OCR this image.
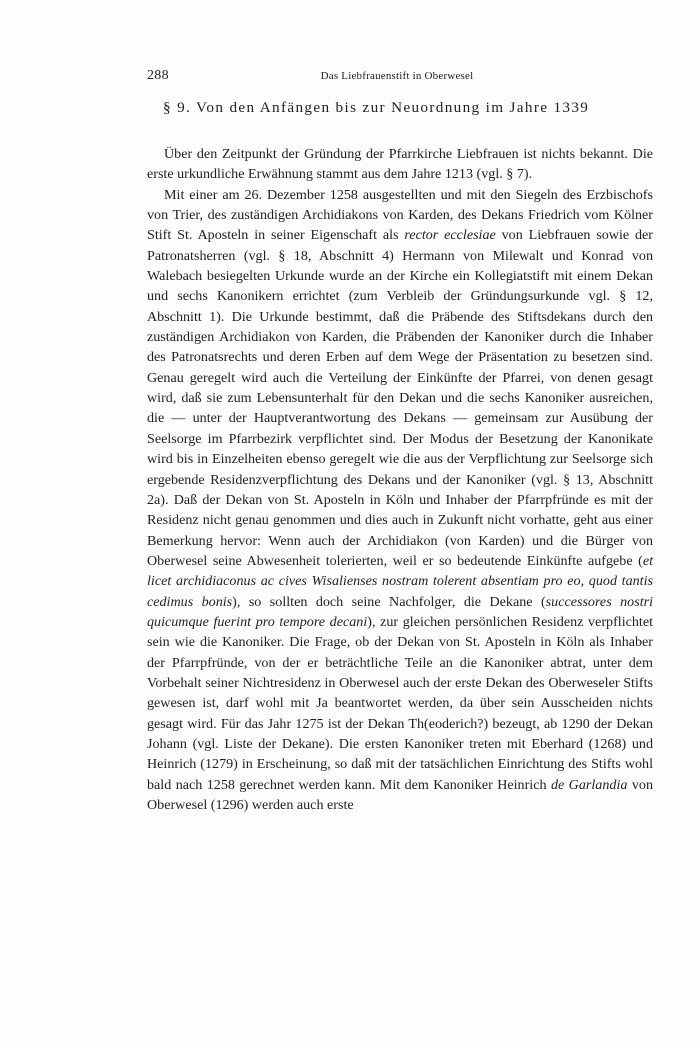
288	Das Liebfrauenstift in Oberwesel
§ 9. Von den Anfängen bis zur Neuordnung im Jahre 1339

Über den Zeitpunkt der Gründung der Pfarrkirche Liebfrauen ist nichts bekannt. Die erste urkundliche Erwähnung stammt aus dem Jahre 1213 (vgl. § 7).

Mit einer am 26. Dezember 1258 ausgestellten und mit den Siegeln des Erzbischofs von Trier, des zuständigen Archidiakons von Karden, des Dekans Friedrich vom Kölner Stift St. Aposteln in seiner Eigenschaft als rector ecclesiae von Liebfrauen sowie der Patronatsherren (vgl. § 18, Abschnitt 4) Hermann von Milewalt und Konrad von Walebach besiegelten Urkunde wurde an der Kirche ein Kollegiatstift mit einem Dekan und sechs Kanonikern errichtet (zum Verbleib der Gründungsurkunde vgl. § 12, Abschnitt 1). Die Urkunde bestimmt, daß die Präbende des Stiftsdekans durch den zuständigen Archidiakon von Karden, die Präbenden der Kanoniker durch die Inhaber des Patronatsrechts und deren Erben auf dem Wege der Präsentation zu besetzen sind. Genau geregelt wird auch die Verteilung der Einkünfte der Pfarrei, von denen gesagt wird, daß sie zum Lebensunterhalt für den Dekan und die sechs Kanoniker ausreichen, die — unter der Hauptverantwortung des Dekans — gemeinsam zur Ausübung der Seelsorge im Pfarrbezirk verpflichtet sind. Der Modus der Besetzung der Kanonikate wird bis in Einzelheiten ebenso geregelt wie die aus der Verpflichtung zur Seelsorge sich ergebende Residenzverpflichtung des Dekans und der Kanoniker (vgl. § 13, Abschnitt 2a). Daß der Dekan von St. Aposteln in Köln und Inhaber der Pfarrpfründe es mit der Residenz nicht genau genommen und dies auch in Zukunft nicht vorhatte, geht aus einer Bemerkung hervor: Wenn auch der Archidiakon (von Karden) und die Bürger von Oberwesel seine Abwesenheit tolerierten, weil er so bedeutende Einkünfte aufgebe (et licet archidiaconus ac cives Wisalienses nostram tolerent absentiam pro eo, quod tantis cedimus bonis), so sollten doch seine Nachfolger, die Dekane (successores nostri quicumque fuerint pro tempore decani), zur gleichen persönlichen Residenz verpflichtet sein wie die Kanoniker. Die Frage, ob der Dekan von St. Aposteln in Köln als Inhaber der Pfarrpfründe, von der er beträchtliche Teile an die Kanoniker abtrat, unter dem Vorbehalt seiner Nichtresidenz in Oberwesel auch der erste Dekan des Oberweseler Stifts gewesen ist, darf wohl mit Ja beantwortet werden, da über sein Ausscheiden nichts gesagt wird. Für das Jahr 1275 ist der Dekan Th(eoderich?) bezeugt, ab 1290 der Dekan Johann (vgl. Liste der Dekane). Die ersten Kanoniker treten mit Eberhard (1268) und Heinrich (1279) in Erscheinung, so daß mit der tatsächlichen Einrichtung des Stifts wohl bald nach 1258 gerechnet werden kann. Mit dem Kanoniker Heinrich de Garlandia von Oberwesel (1296) werden auch erste
